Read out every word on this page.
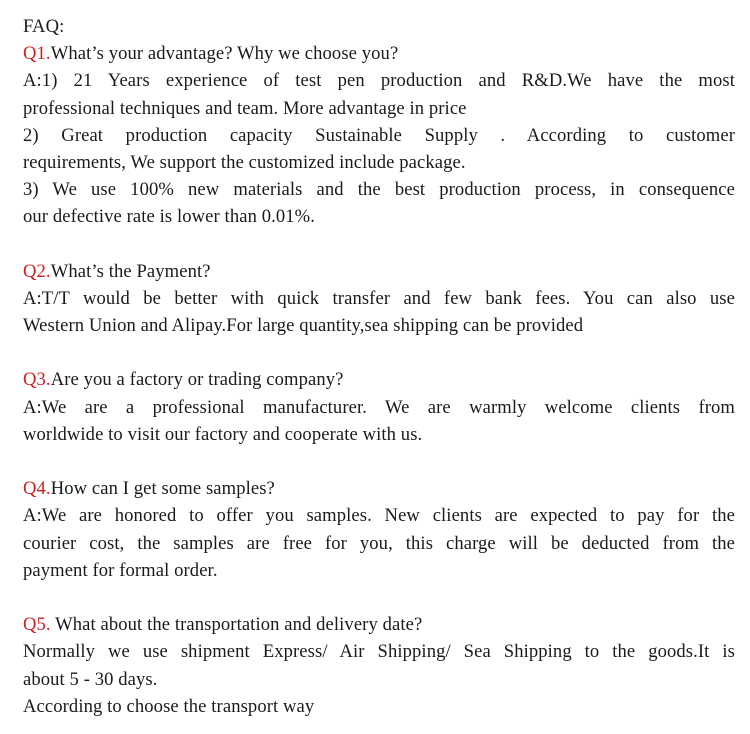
FAQ:
Q1.What’s your advantage? Why we choose you?
A:1) 21 Years experience of test pen production and R&D.We have the most
professional techniques and team. More advantage in price
2) Great production capacity Sustainable Supply . According to customer
requirements, We support the customized include package.
3) We use 100% new materials and the best production process, in consequence
our defective rate is lower than 0.01%.
Q2.What’s the Payment?
A:T/T would be better with quick transfer and few bank fees. You can also use
Western Union and Alipay.For large quantity,sea shipping can be provided
Q3.Are you a factory or trading company?
A:We are a professional manufacturer. We are warmly welcome clients from
worldwide to visit our factory and cooperate with us.
Q4.How can I get some samples?
A:We are honored to offer you samples. New clients are expected to pay for the
courier cost, the samples are free for you, this charge will be deducted from the
payment for formal order.
Q5. What about the transportation and delivery date?
Normally we use shipment Express/ Air Shipping/ Sea Shipping to the goods.It is
about 5 - 30 days.
According to choose the transport way
